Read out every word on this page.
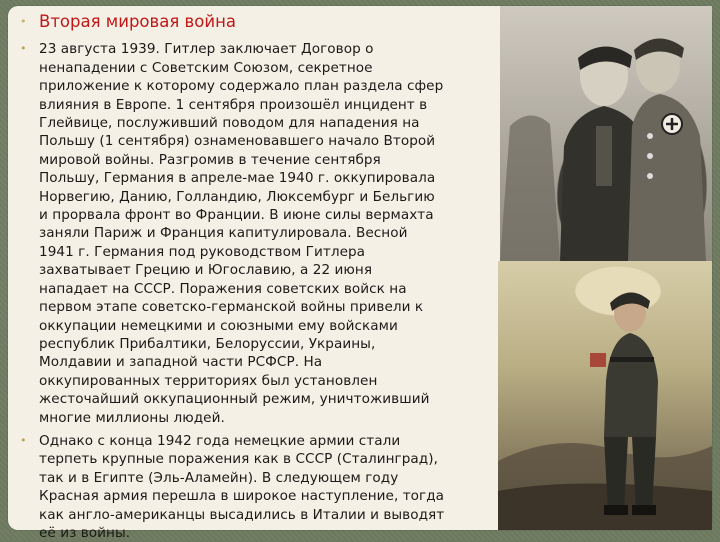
• Вторая мировая война
• 23 августа 1939. Гитлер заключает Договор о
ненападении с Советским Союзом, секретное
приложение к которому содержало план раздела сфер
влияния в Европе. 1 сентября произошёл инцидент в
Глейвице, послуживший поводом для нападения на
Польшу (1 сентября) ознаменовавшего начало Второй
мировой войны. Разгромив в течение сентября
Польшу, Германия в апреле-мае 1940 г. оккупировала
Норвегию, Данию, Голландию, Люксембург и Бельгию
и прорвала фронт во Франции. В июне силы вермахта
заняли Париж и Франция капитулировала. Весной
1941 г. Германия под руководством Гитлера
захватывает Грецию и Югославию, а 22 июня
нападает на СССР. Поражения советских войск на
первом этапе советско-германской войны привели к
оккупации немецкими и союзными ему войсками
республик Прибалтики, Белоруссии, Украины,
Молдавии и западной части РСФСР. На
оккупированных территориях был установлен
жесточайший оккупационный режим, уничтоживший
многие миллионы людей.
• Однако с конца 1942 года немецкие армии стали
терпеть крупные поражения как в СССР (Сталинград),
так и в Египте (Эль-Аламейн). В следующем году
Красная армия перешла в широкое наступление, тогда
как англо-американцы высадились в Италии и выводят
её из войны.
